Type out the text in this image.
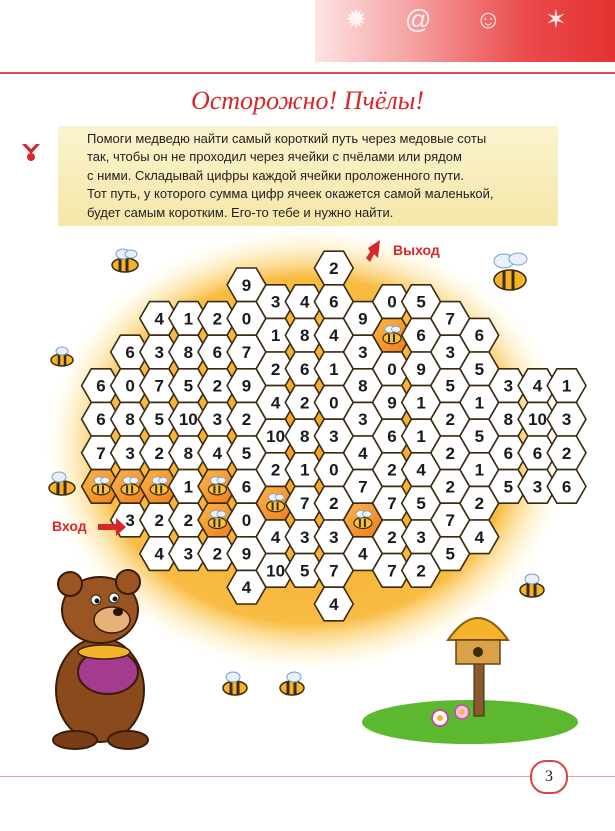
✹ @ ☺ ✶
Осторожно! Пчёлы!
Помоги медведю найти самый короткий путь через медовые соты
так, чтобы он не проходил через ячейки с пчёлами или рядом
с ними. Складывай цифры каждой ячейки проложенного пути.
Тот путь, у которого сумма цифр ячеек окажется самой маленькой,
будет самым коротким. Его-то тебе и нужно найти.
6
6
7
6
0
8
3
3
4
3
7
5
2
2
4
1
8
5
10
8
1
2
3
2
6
2
3
4
2
9
0
7
9
2
5
6
0
9
4
3
1
2
4
10
2
4
10
4
8
6
2
8
1
7
3
5
2
6
4
1
0
3
0
2
3
7
4
9
3
8
3
4
7
4
0
0
9
6
2
7
2
7
5
6
9
1
1
4
5
3
2
7
3
5
2
2
2
7
5
6
5
1
5
1
2
4
3
8
6
5
4
10
6
3
1
3
2
6
Выход
Вход
3
